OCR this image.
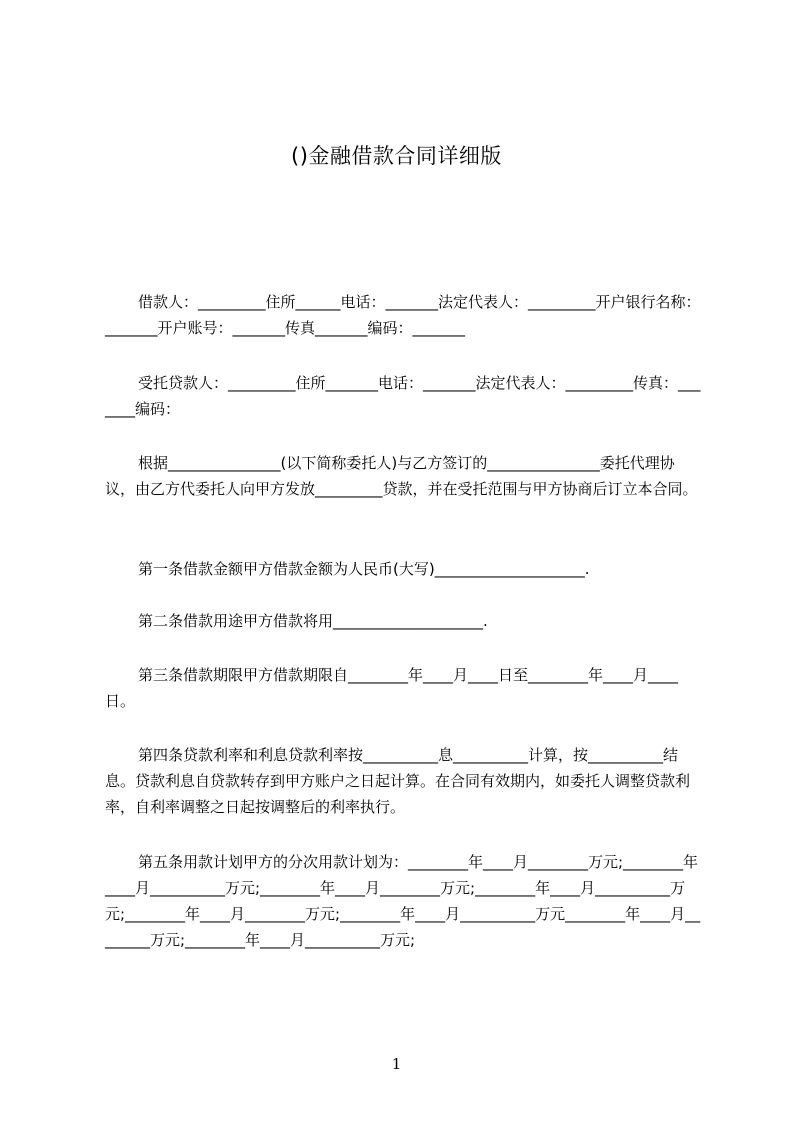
()金融借款合同详细版
借款人：_________住所______电话：_______法定代表人：_________开户银行名称：_______开户账号：_______传真_______编码：_______
受托贷款人：_________住所_______电话：_______法定代表人：_________传真：_______编码：
根据_______________(以下简称委托人)与乙方签订的_______________委托代理协议，由乙方代委托人向甲方发放_________贷款，并在受托范围与甲方协商后订立本合同。
第一条借款金额甲方借款金额为人民币(大写)____________________.
第二条借款用途甲方借款将用____________________.
第三条借款期限甲方借款期限自________年____月____日至________年____月____日。
第四条贷款利率和利息贷款利率按__________息__________计算，按__________结息。贷款利息自贷款转存到甲方账户之日起计算。在合同有效期内，如委托人调整贷款利率，自利率调整之日起按调整后的利率执行。
第五条用款计划甲方的分次用款计划为：________年____月________万元;________年____月__________万元;________年____月________万元;________年____月__________万元;________年____月________万元;________年____月__________万元________年____月________万元;________年____月__________万元;
1
